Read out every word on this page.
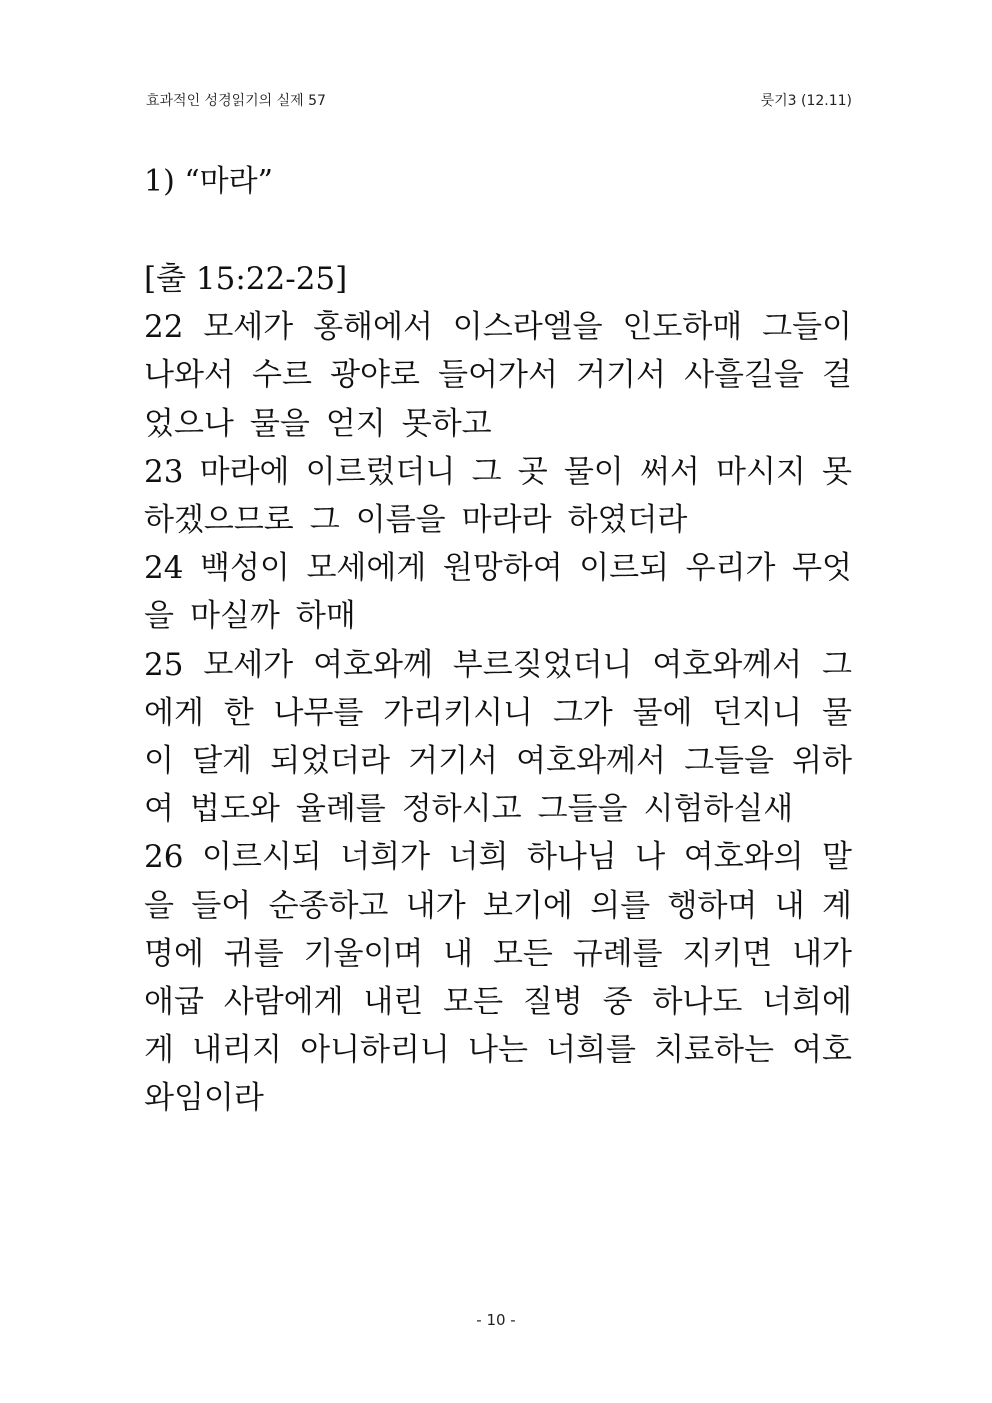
효과적인 성경읽기의 실제 57	룻기3 (12.11)
1) “마라”
[출 15:22-25]
22 모세가 홍해에서 이스라엘을 인도하매 그들이 나와서 수르 광야로 들어가서 거기서 사흘길을 걸었으나 물을 얻지 못하고
23 마라에 이르렀더니 그 곳 물이 써서 마시지 못하겠으므로 그 이름을 마라라 하였더라
24 백성이 모세에게 원망하여 이르되 우리가 무엇을 마실까 하매
25 모세가 여호와께 부르짖었더니 여호와께서 그에게 한 나무를 가리키시니 그가 물에 던지니 물이 달게 되었더라 거기서 여호와께서 그들을 위하여 법도와 율례를 정하시고 그들을 시험하실새
26 이르시되 너희가 너희 하나님 나 여호와의 말을 들어 순종하고 내가 보기에 의를 행하며 내 계명에 귀를 기울이며 내 모든 규례를 지키면 내가 애굽 사람에게 내린 모든 질병 중 하나도 너희에게 내리지 아니하리니 나는 너희를 치료하는 여호와임이라
- 10 -
